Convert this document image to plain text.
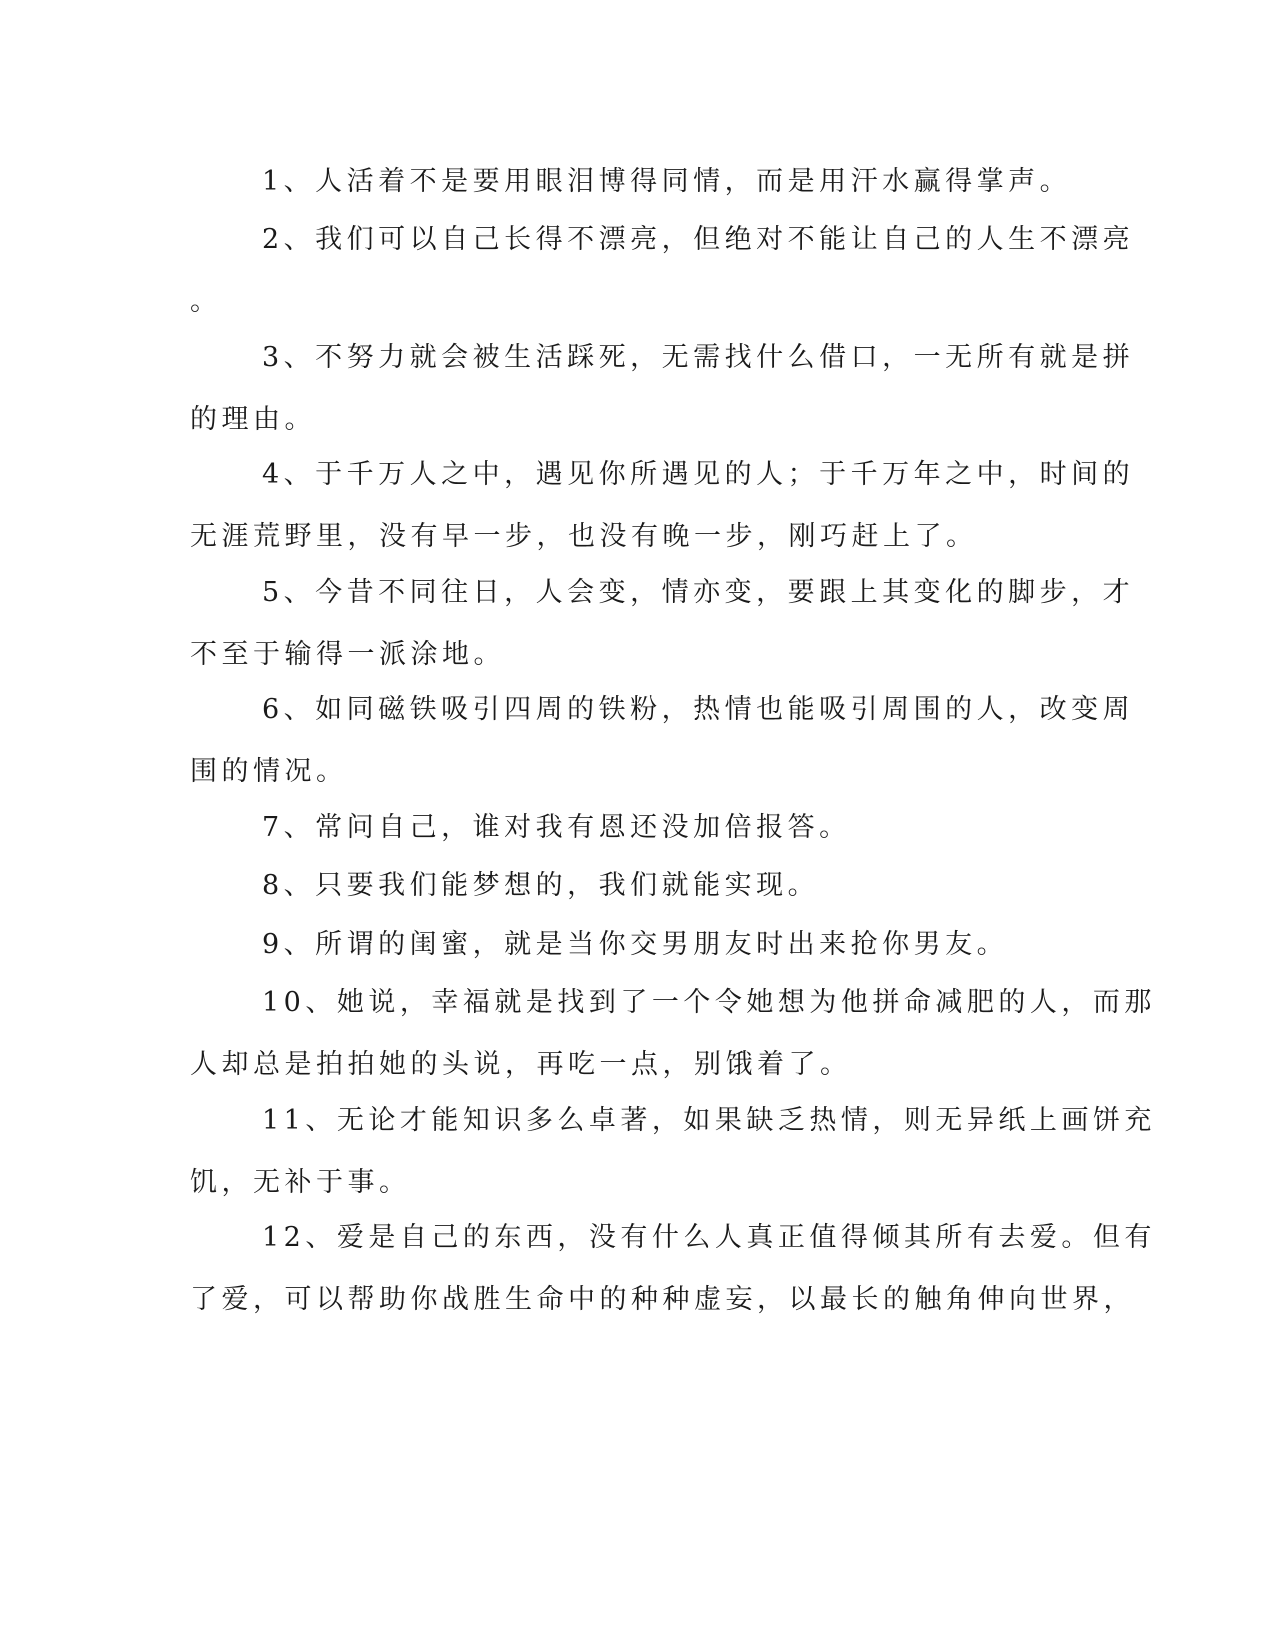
1、人活着不是要用眼泪博得同情，而是用汗水赢得掌声。
2、我们可以自己长得不漂亮，但绝对不能让自己的人生不漂亮
。
3、不努力就会被生活踩死，无需找什么借口，一无所有就是拼
的理由。
4、于千万人之中，遇见你所遇见的人；于千万年之中，时间的
无涯荒野里，没有早一步，也没有晚一步，刚巧赶上了。
5、今昔不同往日，人会变，情亦变，要跟上其变化的脚步，才
不至于输得一派涂地。
6、如同磁铁吸引四周的铁粉，热情也能吸引周围的人，改变周
围的情况。
7、常问自己，谁对我有恩还没加倍报答。
8、只要我们能梦想的，我们就能实现。
9、所谓的闺蜜，就是当你交男朋友时出来抢你男友。
10、她说，幸福就是找到了一个令她想为他拼命减肥的人，而那
人却总是拍拍她的头说，再吃一点，别饿着了。
11、无论才能知识多么卓著，如果缺乏热情，则无异纸上画饼充
饥，无补于事。
12、爱是自己的东西，没有什么人真正值得倾其所有去爱。但有
了爱，可以帮助你战胜生命中的种种虚妄，以最长的触角伸向世界，
